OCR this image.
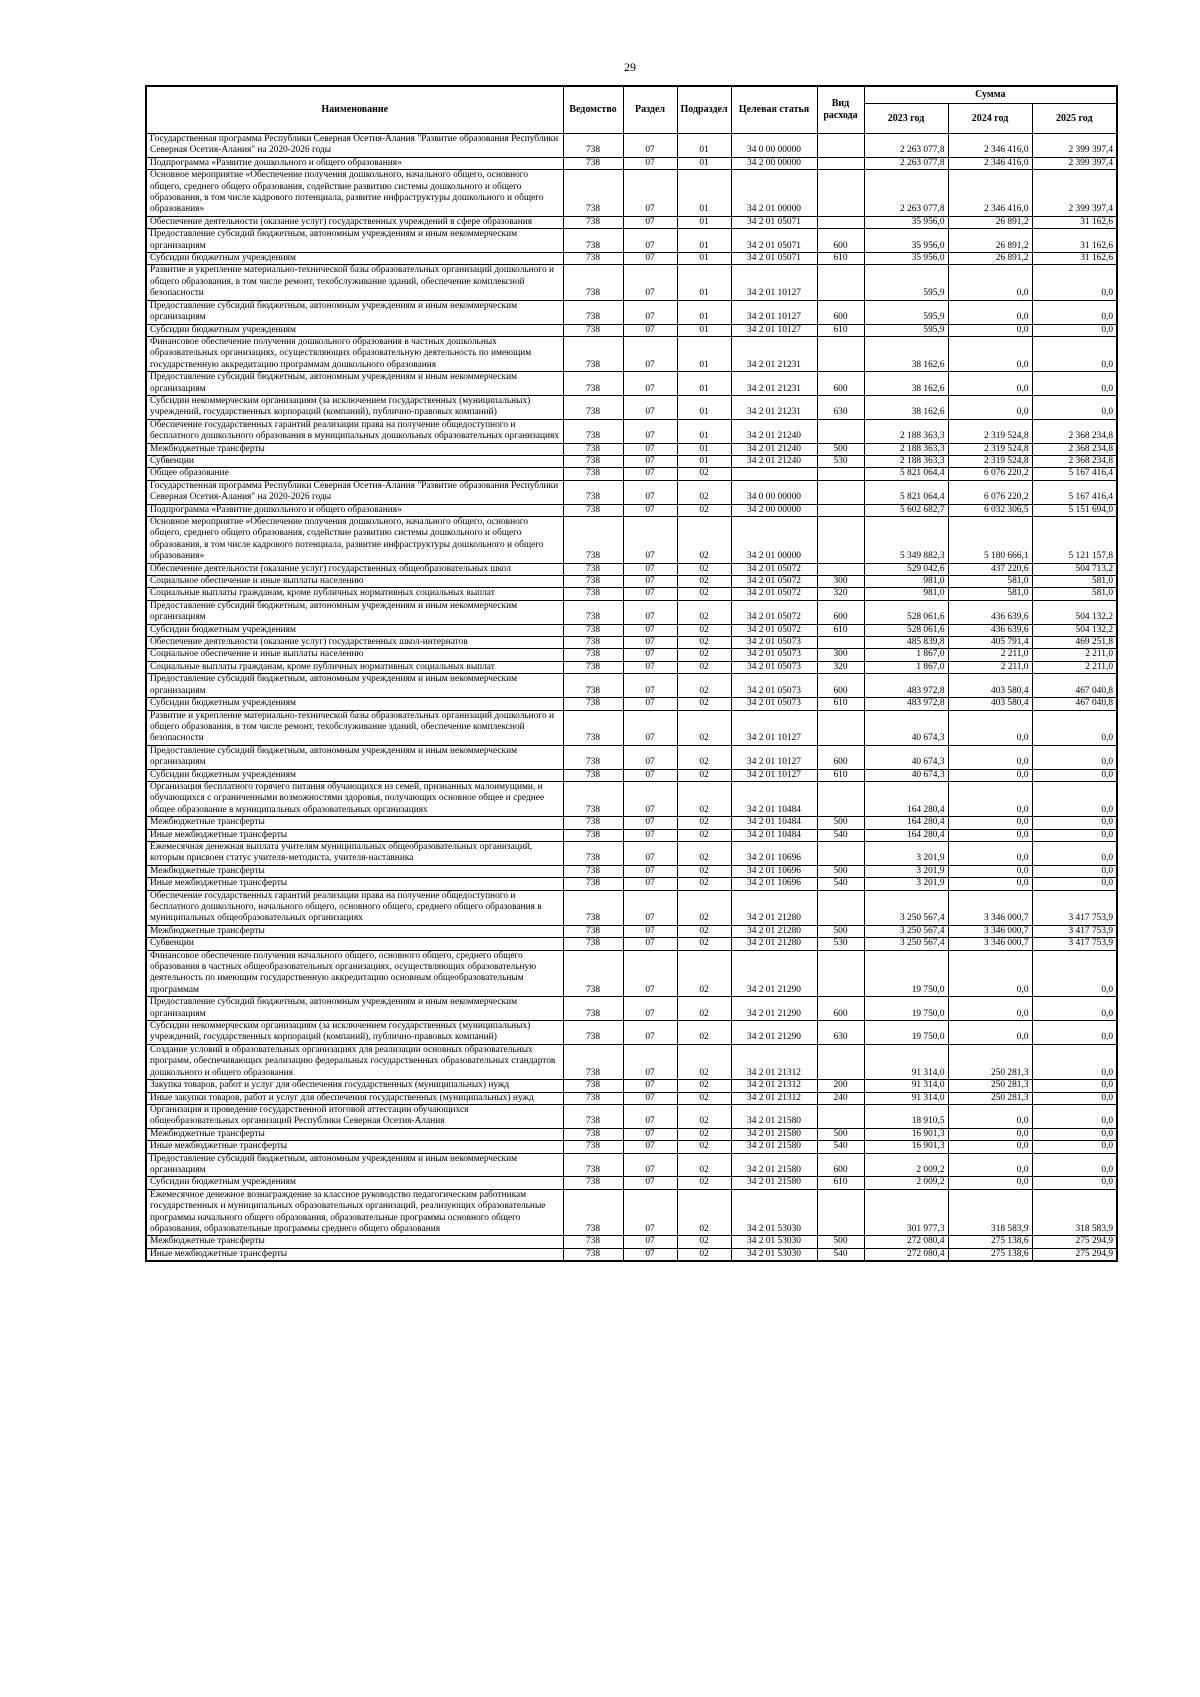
29
Наименование	Ведомство	Раздел	Подраздел	Целевая статья	Вид расхода	Сумма		
						2023 год	2024 год	2025 год
Государственная программа Республики Северная Осетия-Алания "Развитие образования Республики Северная Осетия-Алания" на 2020-2026 годы	738	07	01	34 0 00 00000		2 263 077,8	2 346 416,0	2 399 397,4
Подпрограмма «Развитие дошкольного и общего образования»	738	07	01	34 2 00 00000		2 263 077,8	2 346 416,0	2 399 397,4
Основное мероприятие «Обеспечение получения дошкольного, начального общего, основного общего, среднего общего образования, содействие развитию системы дошкольного и общего образования, в том числе кадрового потенциала, развитие инфраструктуры дошкольного и общего образования»	738	07	01	34 2 01 00000		2 263 077,8	2 346 416,0	2 399 397,4
Обеспечение деятельности (оказание услуг) государственных учреждений в сфере образования	738	07	01	34 2 01 05071		35 956,0	26 891,2	31 162,6
Предоставление субсидий бюджетным, автономным учреждениям и иным некоммерческим организациям	738	07	01	34 2 01 05071	600	35 956,0	26 891,2	31 162,6
Субсидии бюджетным учреждениям	738	07	01	34 2 01 05071	610	35 956,0	26 891,2	31 162,6
Развитие и укрепление материально-технической базы образовательных организаций дошкольного и общего образования, в том числе ремонт, техобслуживание зданий, обеспечение комплексной безопасности	738	07	01	34 2 01 10127		595,9	0,0	0,0
Предоставление субсидий бюджетным, автономным учреждениям и иным некоммерческим организациям	738	07	01	34 2 01 10127	600	595,9	0,0	0,0
Субсидии бюджетным учреждениям	738	07	01	34 2 01 10127	610	595,9	0,0	0,0
Финансовое обеспечение получения дошкольного образования в частных дошкольных образовательных организациях, осуществляющих образовательную деятельность по имеющим государственную аккредитацию программам дошкольного образования	738	07	01	34 2 01 21231		38 162,6	0,0	0,0
Предоставление субсидий бюджетным, автономным учреждениям и иным некоммерческим организациям	738	07	01	34 2 01 21231	600	38 162,6	0,0	0,0
Субсидии некоммерческим организациям (за исключением государственных (муниципальных) учреждений, государственных корпораций (компаний), публично-правовых компаний)	738	07	01	34 2 01 21231	630	38 162,6	0,0	0,0
Обеспечение государственных гарантий реализации права на получение общедоступного и бесплатного дошкольного образования в муниципальных дошкольных образовательных организациях	738	07	01	34 2 01 21240		2 188 363,3	2 319 524,8	2 368 234,8
Межбюджетные трансферты	738	07	01	34 2 01 21240	500	2 188 363,3	2 319 524,8	2 368 234,8
Субвенции	738	07	01	34 2 01 21240	530	2 188 363,3	2 319 524,8	2 368 234,8
Общее образование	738	07	02			5 821 064,4	6 076 220,2	5 167 416,4
Государственная программа Республики Северная Осетия-Алания "Развитие образования Республики Северная Осетия-Алания" на 2020-2026 годы	738	07	02	34 0 00 00000		5 821 064,4	6 076 220,2	5 167 416,4
Подпрограмма «Развитие дошкольного и общего образования»	738	07	02	34 2 00 00000		5 602 682,7	6 032 306,5	5 151 694,0
Основное мероприятие «Обеспечение получения дошкольного, начального общего, основного общего, среднего общего образования, содействие развитию системы дошкольного и общего образования, в том числе кадрового потенциала, развитие инфраструктуры дошкольного и общего образования»	738	07	02	34 2 01 00000		5 349 882,3	5 180 666,1	5 121 157,8
Обеспечение деятельности (оказание услуг) государственных общеобразовательных школ	738	07	02	34 2 01 05072		529 042,6	437 220,6	504 713,2
Социальное обеспечение и иные выплаты населению	738	07	02	34 2 01 05072	300	981,0	581,0	581,0
Социальные выплаты гражданам, кроме публичных нормативных социальных выплат	738	07	02	34 2 01 05072	320	981,0	581,0	581,0
Предоставление субсидий бюджетным, автономным учреждениям и иным некоммерческим организациям	738	07	02	34 2 01 05072	600	528 061,6	436 639,6	504 132,2
Субсидии бюджетным учреждениям	738	07	02	34 2 01 05072	610	528 061,6	436 639,6	504 132,2
Обеспечение деятельности (оказание услуг) государственных школ-интернатов	738	07	02	34 2 01 05073		485 839,8	405 791,4	469 251,8
Социальное обеспечение и иные выплаты населению	738	07	02	34 2 01 05073	300	1 867,0	2 211,0	2 211,0
Социальные выплаты гражданам, кроме публичных нормативных социальных выплат	738	07	02	34 2 01 05073	320	1 867,0	2 211,0	2 211,0
Предоставление субсидий бюджетным, автономным учреждениям и иным некоммерческим организациям	738	07	02	34 2 01 05073	600	483 972,8	403 580,4	467 040,8
Субсидии бюджетным учреждениям	738	07	02	34 2 01 05073	610	483 972,8	403 580,4	467 040,8
Развитие и укрепление материально-технической базы образовательных организаций дошкольного и общего образования, в том числе ремонт, техобслуживание зданий, обеспечение комплексной безопасности	738	07	02	34 2 01 10127		40 674,3	0,0	0,0
Предоставление субсидий бюджетным, автономным учреждениям и иным некоммерческим организациям	738	07	02	34 2 01 10127	600	40 674,3	0,0	0,0
Субсидии бюджетным учреждениям	738	07	02	34 2 01 10127	610	40 674,3	0,0	0,0
Организация бесплатного горячего питания обучающихся из семей, признанных малоимущими, и обучающихся с ограниченными возможностями здоровья, получающих основное общее и среднее общее образование в муниципальных образовательных организациях	738	07	02	34 2 01 10484		164 280,4	0,0	0,0
Межбюджетные трансферты	738	07	02	34 2 01 10484	500	164 280,4	0,0	0,0
Иные межбюджетные трансферты	738	07	02	34 2 01 10484	540	164 280,4	0,0	0,0
Ежемесячная денежная выплата учителям муниципальных общеобразовательных организаций, которым присвоен статус учителя-методиста, учителя-наставника	738	07	02	34 2 01 10696		3 201,9	0,0	0,0
Межбюджетные трансферты	738	07	02	34 2 01 10696	500	3 201,9	0,0	0,0
Иные межбюджетные трансферты	738	07	02	34 2 01 10696	540	3 201,9	0,0	0,0
Обеспечение государственных гарантий реализации права на получение общедоступного и бесплатного дошкольного, начального общего, основного общего, среднего общего образования в муниципальных общеобразовательных организациях	738	07	02	34 2 01 21280		3 250 567,4	3 346 000,7	3 417 753,9
Межбюджетные трансферты	738	07	02	34 2 01 21280	500	3 250 567,4	3 346 000,7	3 417 753,9
Субвенции	738	07	02	34 2 01 21280	530	3 250 567,4	3 346 000,7	3 417 753,9
Финансовое обеспечение получения начального общего, основного общего, среднего общего образования в частных общеобразовательных организациях, осуществляющих образовательную деятельность по имеющим государственную аккредитацию основным общеобразовательным программам	738	07	02	34 2 01 21290		19 750,0	0,0	0,0
Предоставление субсидий бюджетным, автономным учреждениям и иным некоммерческим организациям	738	07	02	34 2 01 21290	600	19 750,0	0,0	0,0
Субсидии некоммерческим организациям (за исключением государственных (муниципальных) учреждений, государственных корпораций (компаний), публично-правовых компаний)	738	07	02	34 2 01 21290	630	19 750,0	0,0	0,0
Создание условий в образовательных организациях для реализации основных образовательных программ, обеспечивающих реализацию федеральных государственных образовательных стандартов дошкольного и общего образования	738	07	02	34 2 01 21312		91 314,0	250 281,3	0,0
Закупка товаров, работ и услуг для обеспечения государственных (муниципальных) нужд	738	07	02	34 2 01 21312	200	91 314,0	250 281,3	0,0
Иные закупки товаров, работ и услуг для обеспечения государственных (муниципальных) нужд	738	07	02	34 2 01 21312	240	91 314,0	250 281,3	0,0
Организация и проведение государственной итоговой аттестации обучающихся общеобразовательных организаций Республики Северная Осетия-Алания	738	07	02	34 2 01 21580		18 910,5	0,0	0,0
Межбюджетные трансферты	738	07	02	34 2 01 21580	500	16 901,3	0,0	0,0
Иные межбюджетные трансферты	738	07	02	34 2 01 21580	540	16 901,3	0,0	0,0
Предоставление субсидий бюджетным, автономным учреждениям и иным некоммерческим организациям	738	07	02	34 2 01 21580	600	2 009,2	0,0	0,0
Субсидии бюджетным учреждениям	738	07	02	34 2 01 21580	610	2 009,2	0,0	0,0
Ежемесячное денежное вознаграждение за классное руководство педагогическим работникам государственных и муниципальных образовательных организаций, реализующих образовательные программы начального общего образования, образовательные программы основного общего образования, образовательные программы среднего общего образования	738	07	02	34 2 01 53030		301 977,3	318 583,9	318 583,9
Межбюджетные трансферты	738	07	02	34 2 01 53030	500	272 080,4	275 138,6	275 294,9
Иные межбюджетные трансферты	738	07	02	34 2 01 53030	540	272 080,4	275 138,6	275 294,9
